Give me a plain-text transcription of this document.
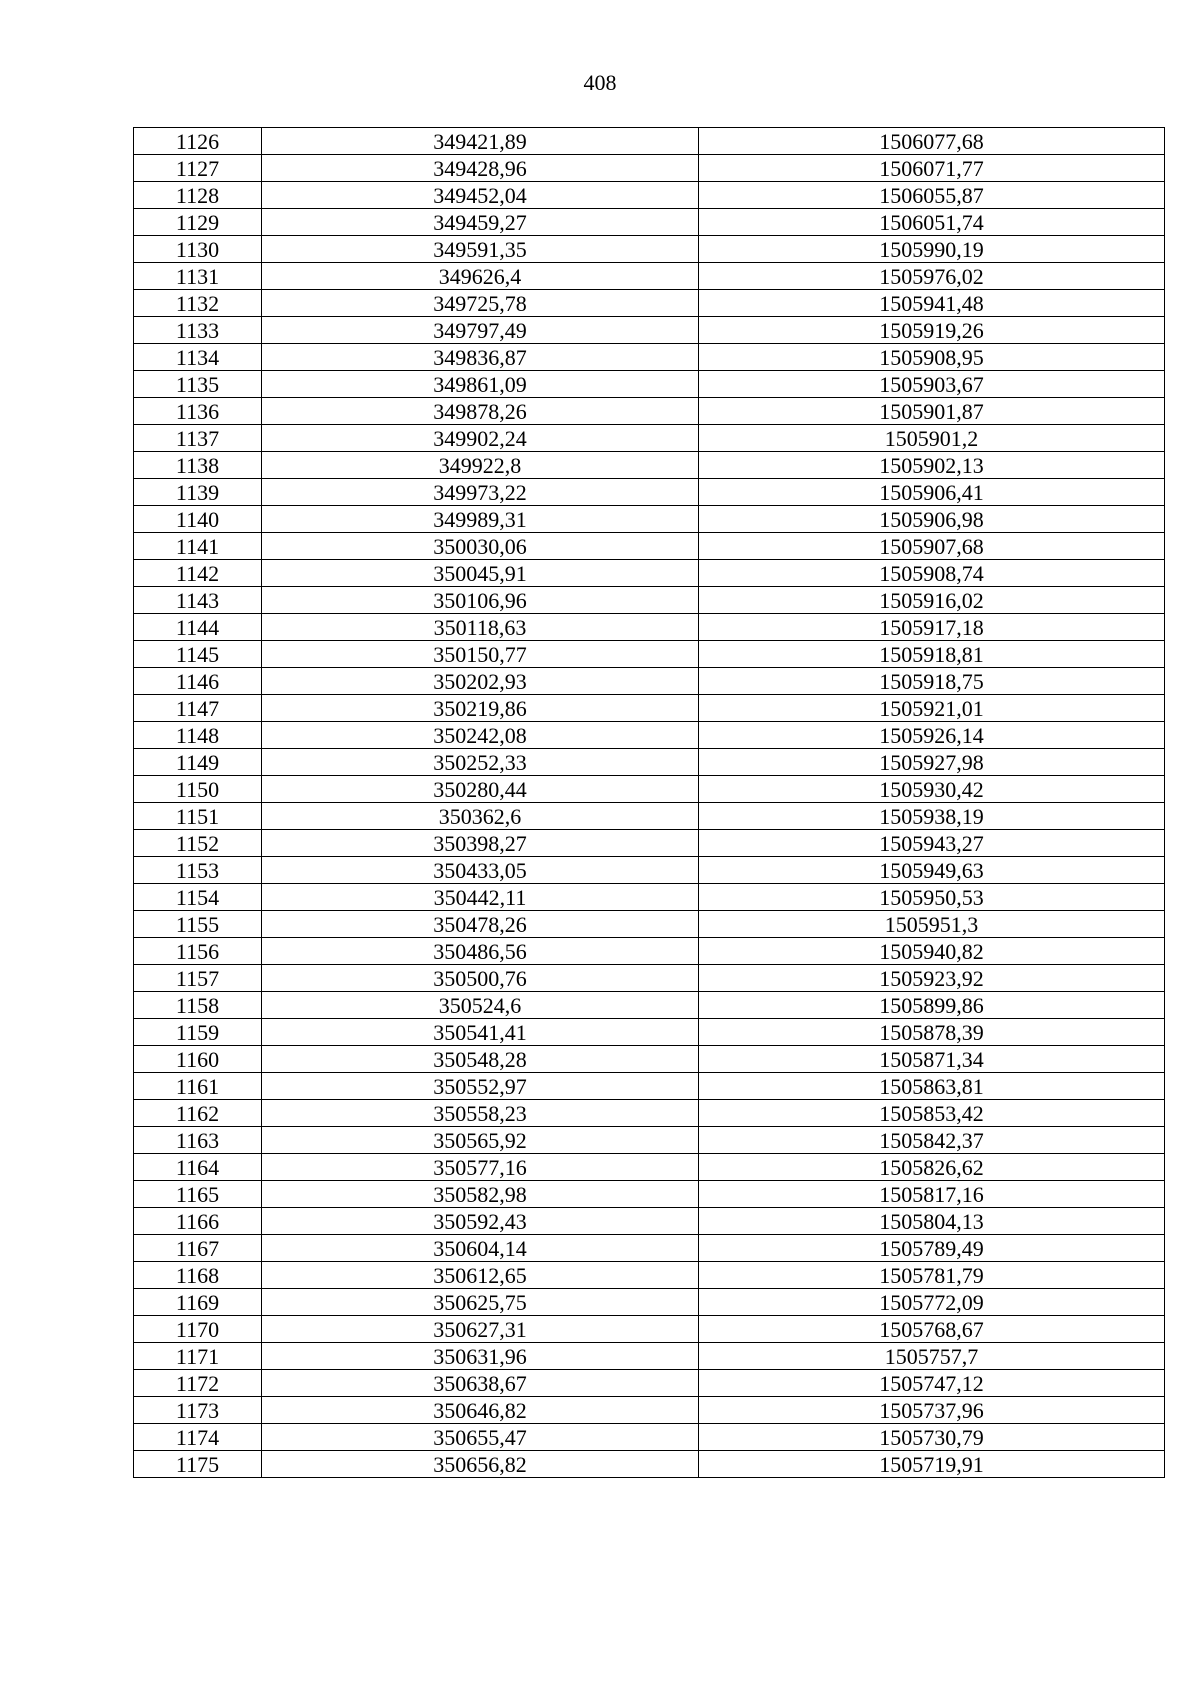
408
1126	349421,89	1506077,68
1127	349428,96	1506071,77
1128	349452,04	1506055,87
1129	349459,27	1506051,74
1130	349591,35	1505990,19
1131	349626,4	1505976,02
1132	349725,78	1505941,48
1133	349797,49	1505919,26
1134	349836,87	1505908,95
1135	349861,09	1505903,67
1136	349878,26	1505901,87
1137	349902,24	1505901,2
1138	349922,8	1505902,13
1139	349973,22	1505906,41
1140	349989,31	1505906,98
1141	350030,06	1505907,68
1142	350045,91	1505908,74
1143	350106,96	1505916,02
1144	350118,63	1505917,18
1145	350150,77	1505918,81
1146	350202,93	1505918,75
1147	350219,86	1505921,01
1148	350242,08	1505926,14
1149	350252,33	1505927,98
1150	350280,44	1505930,42
1151	350362,6	1505938,19
1152	350398,27	1505943,27
1153	350433,05	1505949,63
1154	350442,11	1505950,53
1155	350478,26	1505951,3
1156	350486,56	1505940,82
1157	350500,76	1505923,92
1158	350524,6	1505899,86
1159	350541,41	1505878,39
1160	350548,28	1505871,34
1161	350552,97	1505863,81
1162	350558,23	1505853,42
1163	350565,92	1505842,37
1164	350577,16	1505826,62
1165	350582,98	1505817,16
1166	350592,43	1505804,13
1167	350604,14	1505789,49
1168	350612,65	1505781,79
1169	350625,75	1505772,09
1170	350627,31	1505768,67
1171	350631,96	1505757,7
1172	350638,67	1505747,12
1173	350646,82	1505737,96
1174	350655,47	1505730,79
1175	350656,82	1505719,91
